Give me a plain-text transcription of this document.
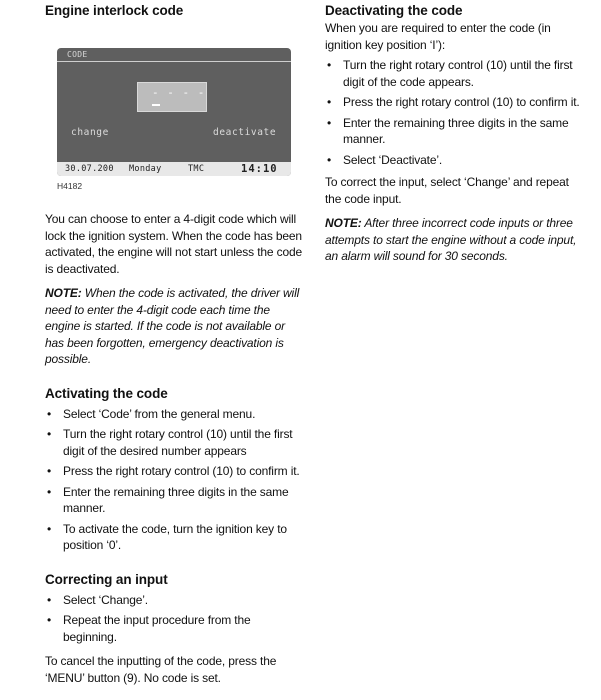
Engine interlock code
CODE
- - - -
change	deactivate
30.07.200 Monday	TMC	14:10
H4182

You can choose to enter a 4-digit code which will lock the ignition system. When the code has been activated, the engine will not start unless the code is deactivated.

NOTE: When the code is activated, the driver will need to enter the 4-digit code each time the engine is started. If the code is not available or has been forgotten, emergency deactivation is possible.

Activating the code
• Select ‘Code’ from the general menu.
• Turn the right rotary control (10) until the first digit of the desired number appears
• Press the right rotary control (10) to confirm it.
• Enter the remaining three digits in the same manner.
• To activate the code, turn the ignition key to position ‘0’.
Correcting an input
• Select ‘Change’.
• Repeat the input procedure from the beginning.

To cancel the inputting of the code, press the ‘MENU’ button (9). No code is set.

Deactivating the code

When you are required to enter the code (in ignition key position ‘I’):

• Turn the right rotary control (10) until the first digit of the code appears.
• Press the right rotary control (10) to confirm it.
• Enter the remaining three digits in the same manner.
• Select ‘Deactivate’.

To correct the input, select ‘Change’ and repeat the code input.

NOTE: After three incorrect code inputs or three attempts to start the engine without a code input, an alarm will sound for 30 seconds.
